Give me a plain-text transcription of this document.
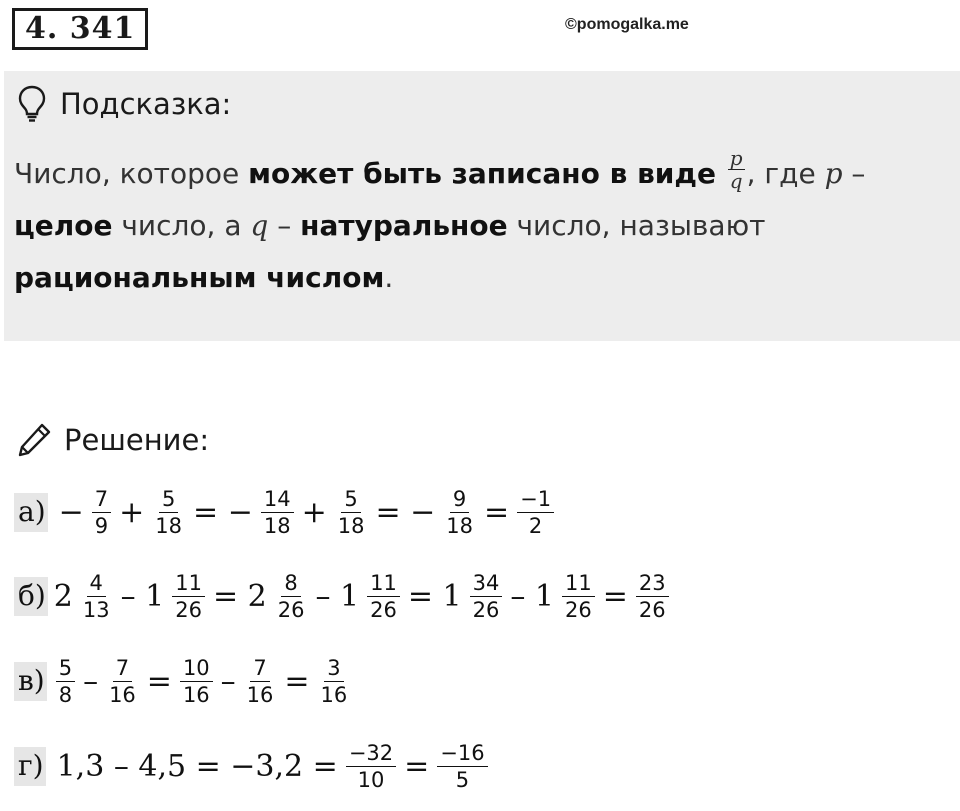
4. 341	©pomogalka.me
Подсказка:
Число, которое может быть записано в виде $\frac{p}{q}$ , где p – целое число, а q – натуральное число, называют рациональным числом.
Решение:
$а) - \frac{7}{9} + \frac{5}{18}$ = − $\frac{14}{18} + \frac{5}{18}$ = − $\frac{9}{18} = \frac{-1}{2}$
б) $2 \frac{4}{13} - 1 \frac{11}{26} = 2 \frac{8}{26} - 1 \frac{11}{26} = 1 \frac{34}{26} - 1 \frac{11}{26} = \frac{23}{26}$
$в) \frac{5}{8} - \frac{7}{16} = \frac{10}{16} - \frac{7}{16} = \frac{3}{16}$
г) $1,3 - 4,5 = -3,2 = \frac{-32}{10} = \frac{-16}{5}$
